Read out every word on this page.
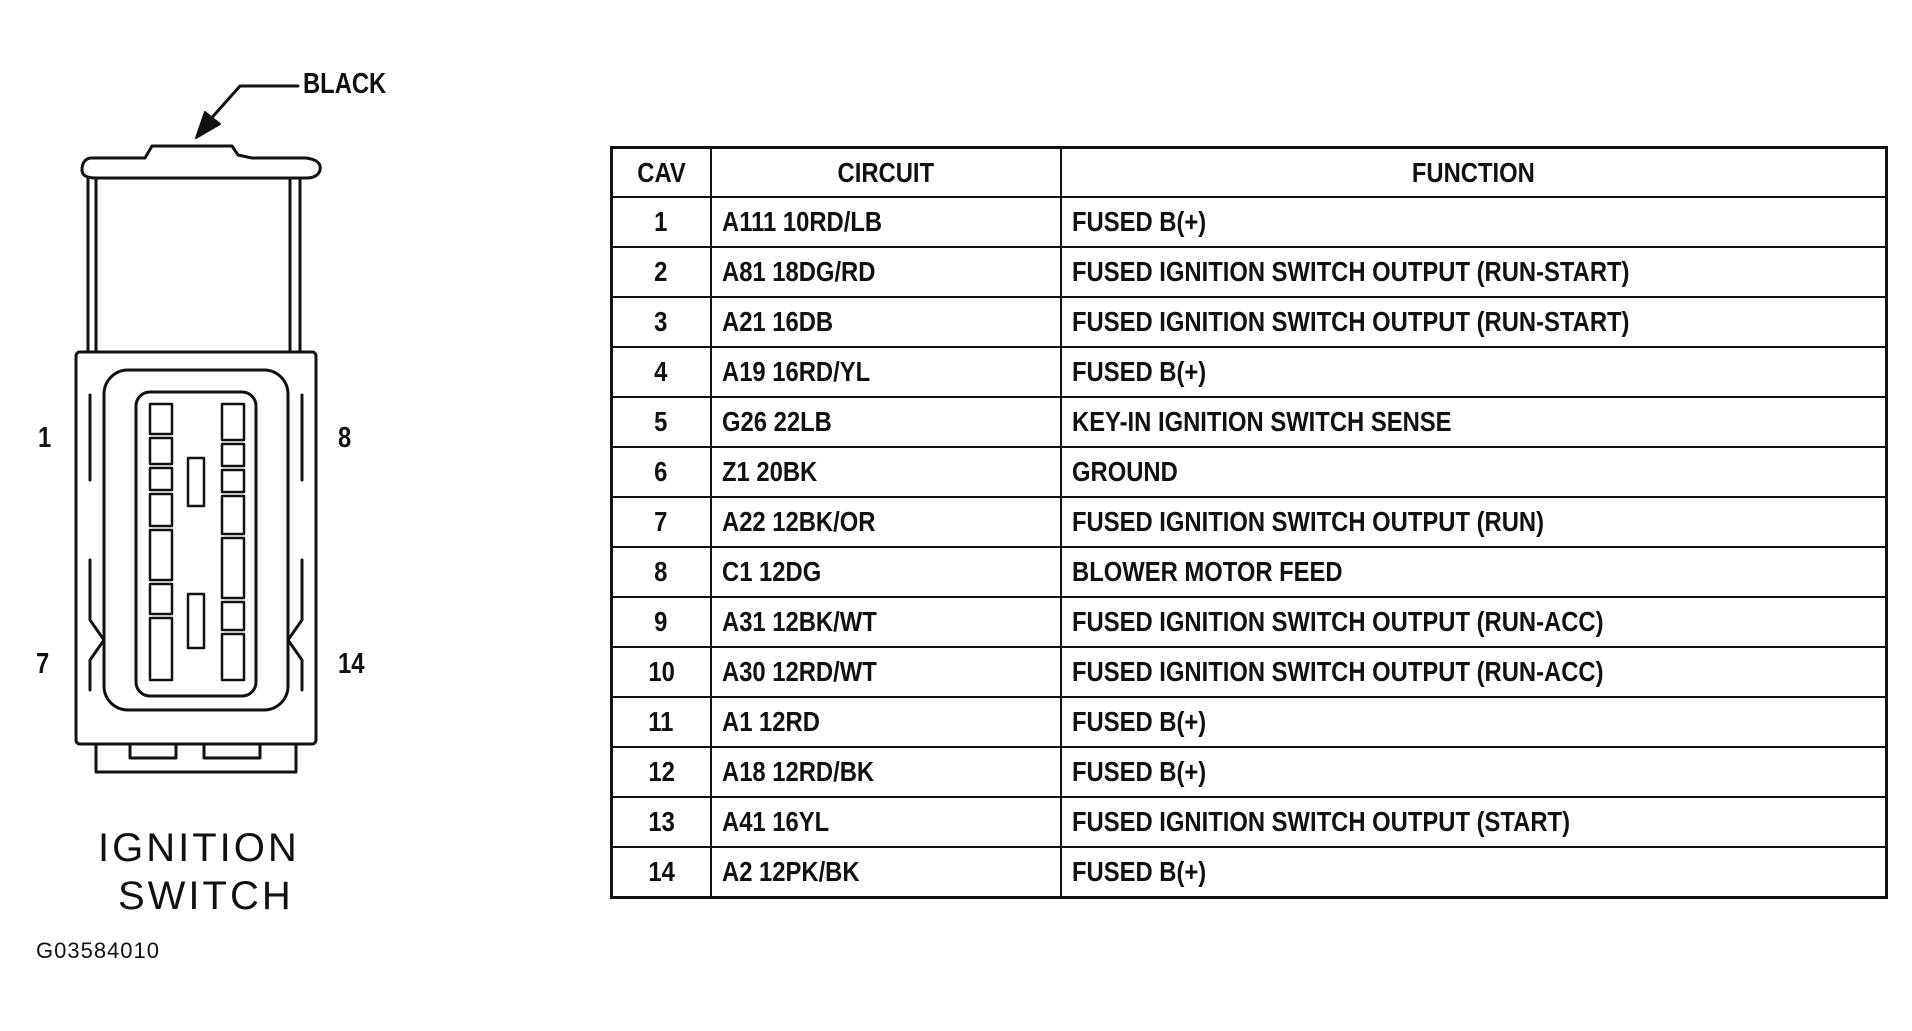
BLACK
1	8
7	14
IGNITION
SWITCH
G03584010
CAV	CIRCUIT	FUNCTION
1	A111 10RD/LB	FUSED B(+)
2	A81 18DG/RD	FUSED IGNITION SWITCH OUTPUT (RUN-START)
3	A21 16DB	FUSED IGNITION SWITCH OUTPUT (RUN-START)
4	A19 16RD/YL	FUSED B(+)
5	G26 22LB	KEY-IN IGNITION SWITCH SENSE
6	Z1 20BK	GROUND
7	A22 12BK/OR	FUSED IGNITION SWITCH OUTPUT (RUN)
8	C1 12DG	BLOWER MOTOR FEED
9	A31 12BK/WT	FUSED IGNITION SWITCH OUTPUT (RUN-ACC)
10	A30 12RD/WT	FUSED IGNITION SWITCH OUTPUT (RUN-ACC)
11	A1 12RD	FUSED B(+)
12	A18 12RD/BK	FUSED B(+)
13	A41 16YL	FUSED IGNITION SWITCH OUTPUT (START)
14	A2 12PK/BK	FUSED B(+)
